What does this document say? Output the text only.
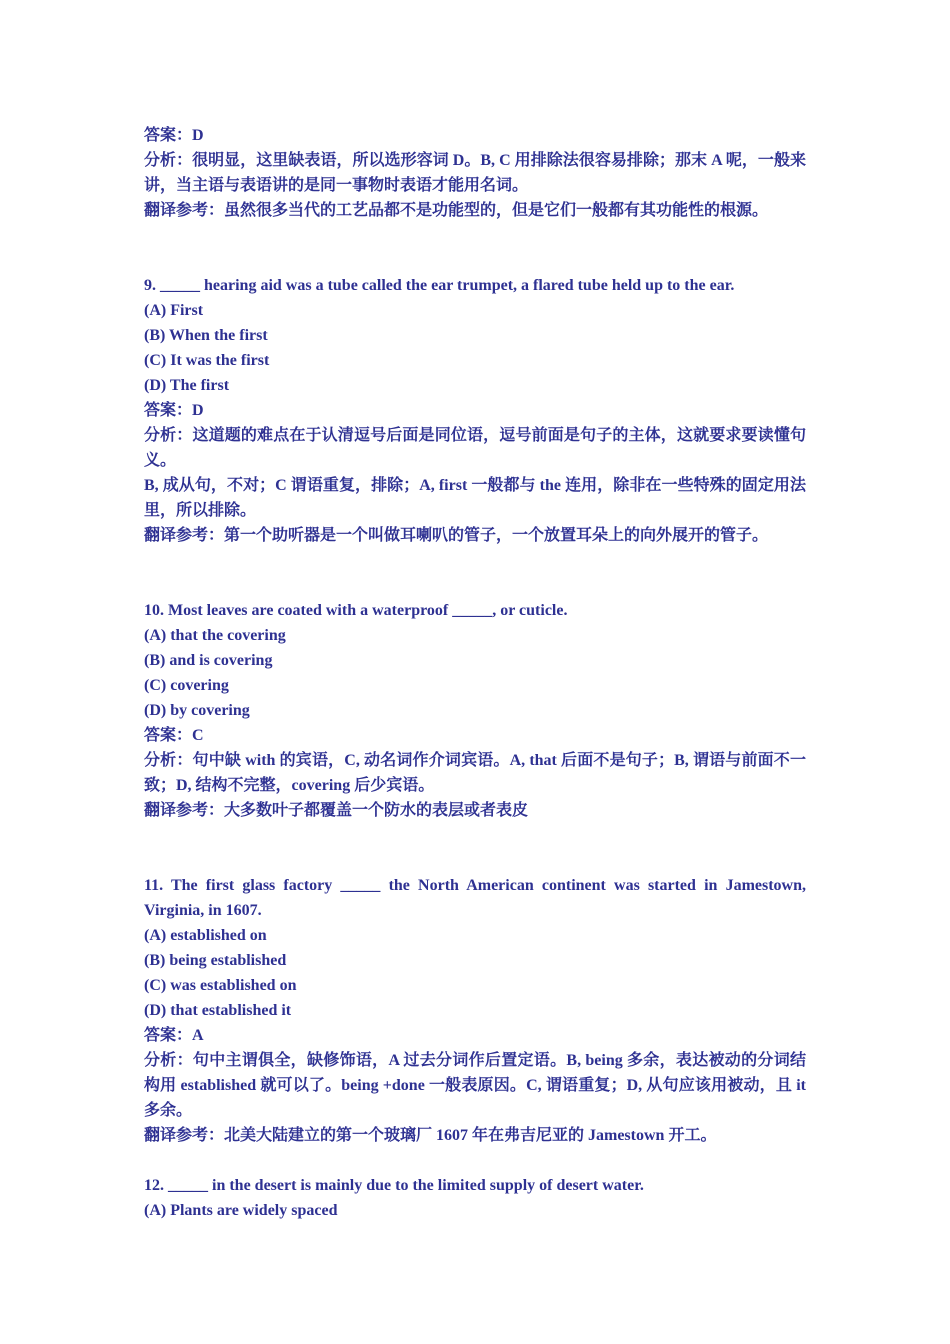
答案：D

分析：很明显，这里缺表语，所以选形容词 D。B, C 用排除法很容易排除；那末 A 呢，一般来讲，当主语与表语讲的是同一事物时表语才能用名词。

翻译参考：虽然很多当代的工艺品都不是功能型的，但是它们一般都有其功能性的根源。

9. _____ hearing aid was a tube called the ear trumpet, a flared tube held up to the ear.

(A) First

(B) When the first

(C) It was the first

(D) The first

答案：D

分析：这道题的难点在于认清逗号后面是同位语，逗号前面是句子的主体，这就要求要读懂句义。

B, 成从句，不对；C 谓语重复，排除；A, first 一般都与 the 连用，除非在一些特殊的固定用法里，所以排除。

翻译参考：第一个助听器是一个叫做耳喇叭的管子，一个放置耳朵上的向外展开的管子。

10. Most leaves are coated with a waterproof _____, or cuticle.

(A) that the covering

(B) and is covering

(C) covering

(D) by covering

答案：C

分析：句中缺 with 的宾语，C, 动名词作介词宾语。A, that 后面不是句子；B, 谓语与前面不一致；D, 结构不完整，covering 后少宾语。

翻译参考：大多数叶子都覆盖一个防水的表层或者表皮

11. The first glass factory _____ the North American continent was started in Jamestown, Virginia, in 1607.

(A) established on

(B) being established

(C) was established on

(D) that established it

答案：A

分析：句中主谓俱全，缺修饰语，A 过去分词作后置定语。B, being 多余，表达被动的分词结构用 established 就可以了。being +done 一般表原因。C, 谓语重复；D, 从句应该用被动，且 it 多余。

翻译参考：北美大陆建立的第一个玻璃厂 1607 年在弗吉尼亚的 Jamestown 开工。

12. _____ in the desert is mainly due to the limited supply of desert water.

(A) Plants are widely spaced
